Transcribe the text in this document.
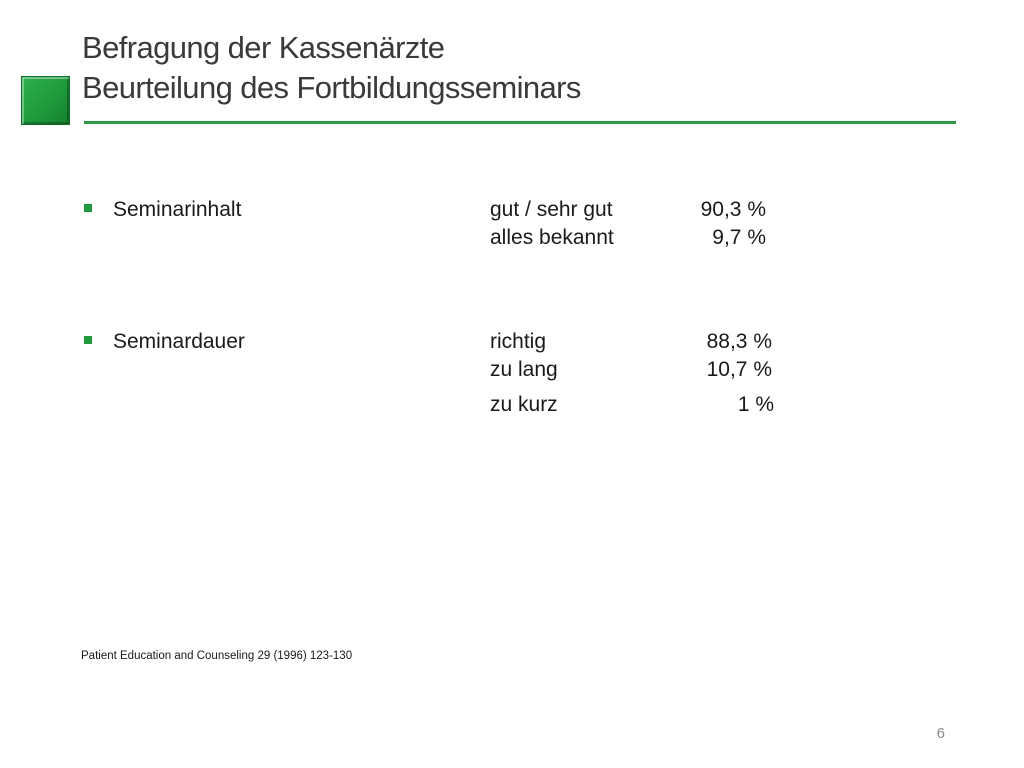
Befragung der Kassenärzte
Beurteilung des Fortbildungsseminars
Seminarinhalt	gut / sehr gut	90,3 %
alles bekannt	9,7 %
Seminardauer	richtig	88,3 %
zu lang	10,7 %
zu kurz	1 %
Patient Education and Counseling 29 (1996) 123-130
6
